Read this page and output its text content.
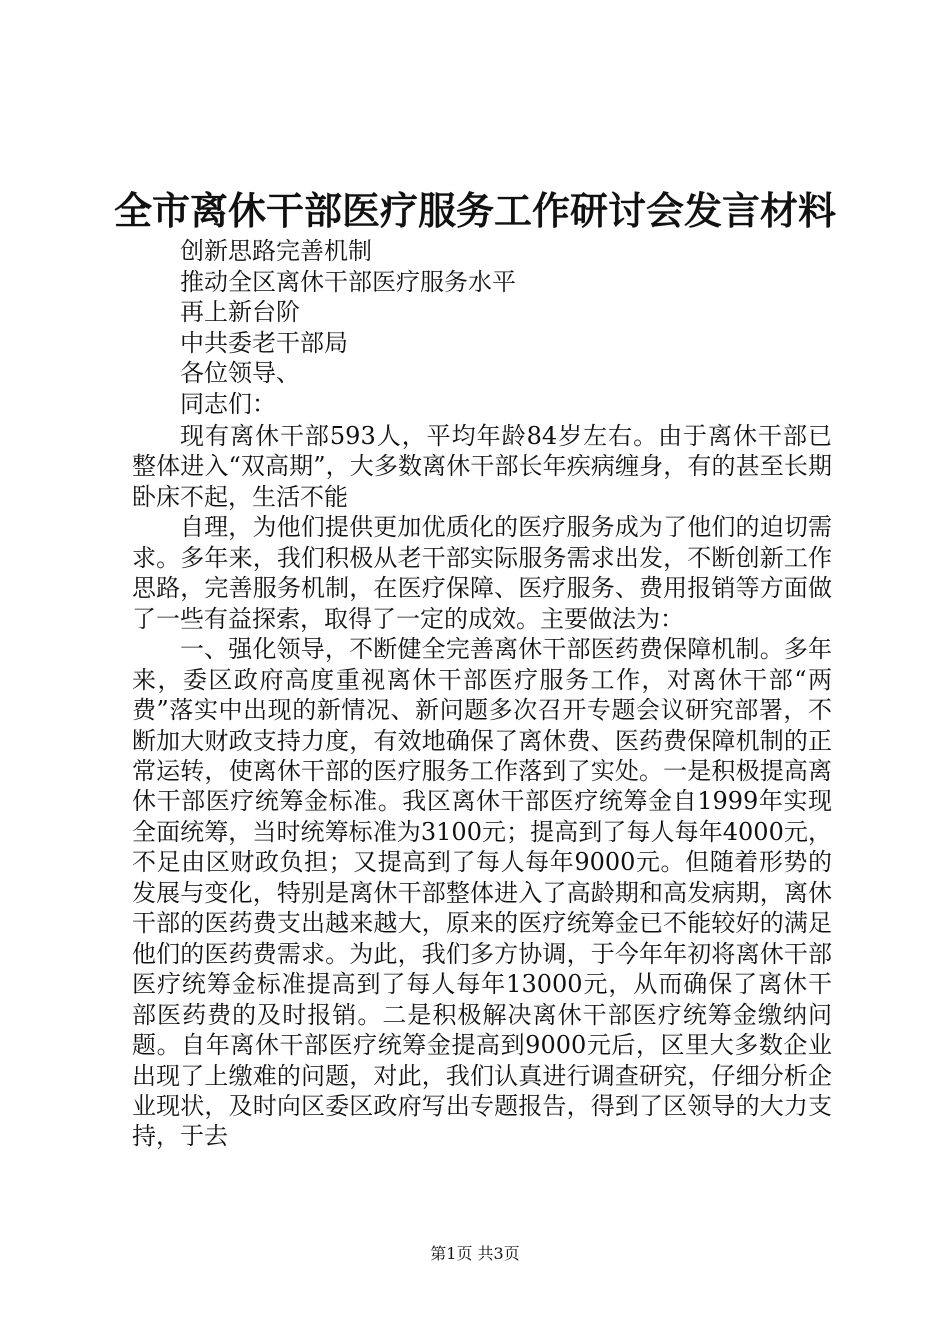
全市离休干部医疗服务工作研讨会发言材料
创新思路完善机制
推动全区离休干部医疗服务水平
再上新台阶
中共委老干部局
各位领导、
同志们：

现有离休干部593人，平均年龄84岁左右。由于离休干部已整体进入“双高期”，大多数离休干部长年疾病缠身，有的甚至长期卧床不起，生活不能

自理，为他们提供更加优质化的医疗服务成为了他们的迫切需求。多年来，我们积极从老干部实际服务需求出发，不断创新工作思路，完善服务机制，在医疗保障、医疗服务、费用报销等方面做了一些有益探索，取得了一定的成效。主要做法为：

一、强化领导，不断健全完善离休干部医药费保障机制。多年来，委区政府高度重视离休干部医疗服务工作，对离休干部“两费”落实中出现的新情况、新问题多次召开专题会议研究部署，不断加大财政支持力度，有效地确保了离休费、医药费保障机制的正常运转，使离休干部的医疗服务工作落到了实处。一是积极提高离休干部医疗统筹金标准。我区离休干部医疗统筹金自1999年实现全面统筹，当时统筹标准为3100元；提高到了每人每年4000元，不足由区财政负担；又提高到了每人每年9000元。但随着形势的发展与变化，特别是离休干部整体进入了高龄期和高发病期，离休干部的医药费支出越来越大，原来的医疗统筹金已不能较好的满足他们的医药费需求。为此，我们多方协调，于今年年初将离休干部医疗统筹金标准提高到了每人每年13000元，从而确保了离休干部医药费的及时报销。二是积极解决离休干部医疗统筹金缴纳问题。自年离休干部医疗统筹金提高到9000元后，区里大多数企业出现了上缴难的问题，对此，我们认真进行调查研究，仔细分析企业现状，及时向区委区政府写出专题报告，得到了区领导的大力支持，于去

第1页 共3页
